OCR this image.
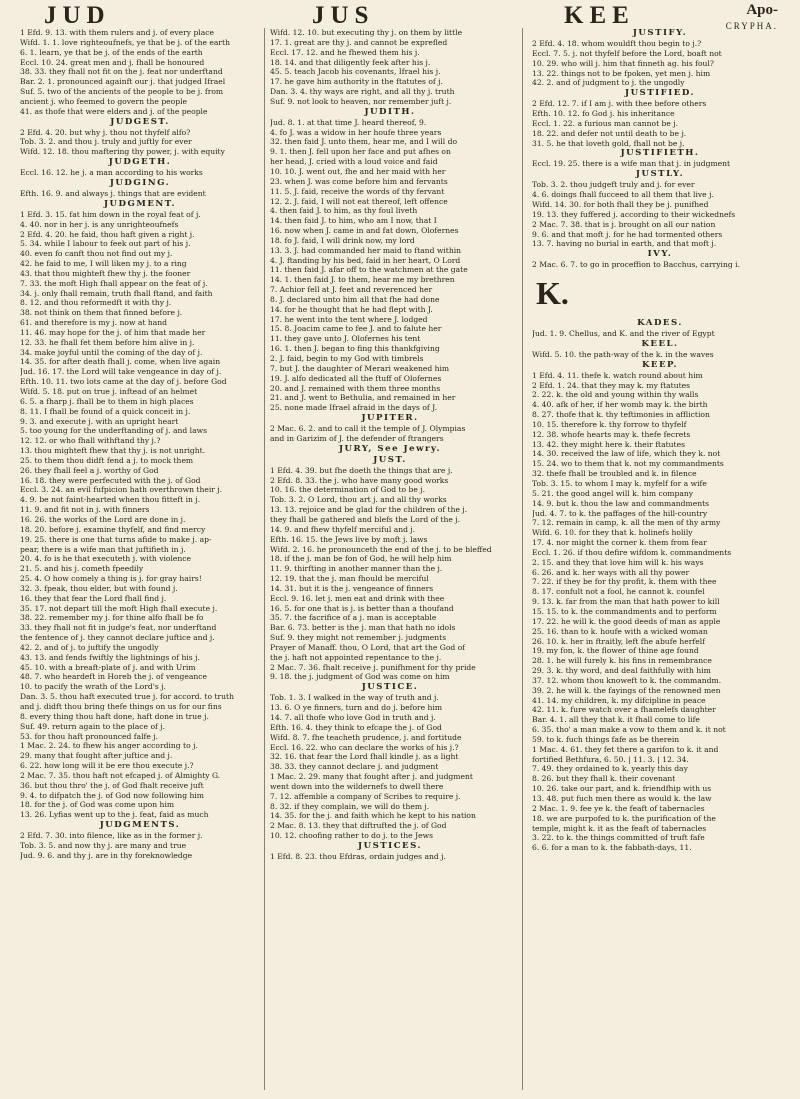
JUD	JUS	KEE	Apo-
CRYPHA.
1 Efd. 9. 13. with them rulers and j. of every place
Wifd. 1. 1. love righteoufnefs, ye that be j. of the earth
6. 1. learn, ye that be j. of the ends of the earth
Eccl. 10. 24. great men and j. fhall be honoured
38. 33. they fhall not fit on the j. feat nor underftand
Bar. 2. 1. pronounced againft our j. that judged Ifrael
Suf. 5. two of the ancients of the people to be j. from
ancient j. who feemed to govern the people
41. as thofe that were elders and j. of the people
JUDGEST.
2 Efd. 4. 20. but why j. thou not thyfelf alfo?
Tob. 3. 2. and thou j. truly and juftly for ever
Wifd. 12. 18. thou maftering thy power, j. with equity
JUDGETH.
Eccl. 16. 12. he j. a man according to his works
JUDGING.
Efth. 16. 9. and always j. things that are evident
JUDGMENT.
1 Efd. 3. 15. fat him down in the royal feat of j.
4. 40. nor in her j. is any unrighteoufnefs
2 Efd. 4. 20. he faid, thou haft given a right j.
5. 34. while I labour to feek out part of his j.
40. even fo canft thou not find out my j.
42. he faid to me, I will liken my j. to a ring
43. that thou mighteft fhew thy j. the fooner
7. 33. the moft High fhall appear on the feat of j.
34. j. only fhall remain, truth fhall ftand, and faith
8. 12. and thou reformedft it with thy j.
38. not think on them that finned before j.
61. and therefore is my j. now at hand
11. 46. may hope for the j. of him that made her
12. 33. he fhall fet them before him alive in j.
34. make joyful until the coming of the day of j.
14. 35. for after death fhall j. come, when live again
Jud. 16. 17. the Lord will take vengeance in day of j.
Efth. 10. 11. two lots came at the day of j. before God
Wifd. 5. 18. put on true j. inftead of an helmet
6. 5. a fharp j. fhall be to them in high places
8. 11. I fhall be found of a quick conceit in j.
9. 3. and execute j. with an upright heart
5. too young for the underftanding of j. and laws
12. 12. or who fhall withftand thy j.?
13. thou mighteft fhew that thy j. is not unright.
25. to them thou didft fend a j. to mock them
26. they fhall feel a j. worthy of God
16. 18. they were perfecuted with the j. of God
Eccl. 3. 24. an evil fufpicion hath overthrown their j.
4. 9. be not faint-hearted when thou fitteft in j.
11. 9. and fit not in j. with finners
16. 26. the works of the Lord are done in j.
18. 20. before j. examine thyfelf, and find mercy
19. 25. there is one that turns afide to make j. ap-
pear, there is a wife man that juftifieth in j.
20. 4. fo is he that executeth j. with violence
21. 5. and his j. cometh fpeedily
25. 4. O how comely a thing is j. for gray hairs!
32. 3. fpeak, thou elder, but with found j.
16. they that fear the Lord fhall find j.
35. 17. not depart till the moft High fhall execute j.
38. 22. remember my j. for thine alfo fhall be fo
33. they fhall not fit in judge's feat, nor underftand
the fentence of j. they cannot declare juftice and j.
42. 2. and of j. to juftify the ungodly
43. 13. and fends fwiftly the lightnings of his j.
45. 10. with a breaft-plate of j. and with Urim
48. 7. who heardeft in Horeb the j. of vengeance
10. to pacify the wrath of the Lord's j.
Dan. 3. 5. thou haft executed true j. for accord. to truth
and j. didft thou bring thefe things on us for our fins
8. every thing thou haft done, haft done in true j.
Suf. 49. return again to the place of j.
53. for thou haft pronounced falfe j.
1 Mac. 2. 24. to fhew his anger according to j.
29. many that fought after juftice and j.
6. 22. how long will it be ere thou execute j.?
2 Mac. 7. 35. thou haft not efcaped j. of Almighty G.
36. but thou thro' the j. of God fhalt receive juft
9. 4. to difpatch the j. of God now following him
18. for the j. of God was come upon him
13. 26. Lyfias went up to the j. feat, faid as much
JUDGMENTS.
2 Efd. 7. 30. into filence, like as in the former j.
Tob. 3. 5. and now thy j. are many and true
Jud. 9. 6. and thy j. are in thy foreknowledge
Wifd. 12. 10. but executing thy j. on them by little
17. 1. great are thy j. and cannot be exprefled
Eccl. 17. 12. and he fhewed them his j.
18. 14. and that diligently feek after his j.
45. 5. teach Jacob his covenants, Ifrael his j.
17. he gave him authority in the ftatutes of j.
Dan. 3. 4. thy ways are right, and all thy j. truth
Suf. 9. not look to heaven, nor remember juft j.
JUDITH.
Jud. 8. 1. at that time J. heard thereof, 9.
4. fo J. was a widow in her houfe three years
32. then faid J. unto them, hear me, and I will do
9. 1. then J. fell upon her face and put afhes on
her head, J. cried with a loud voice and faid
10. 10. J. went out, fhe and her maid with her
23. when J. was come before him and fervants
11. 5. J. faid, receive the words of thy fervant
12. 2. J. faid, I will not eat thereof, left offence
4. then faid J. to him, as thy foul liveth
14. then faid J. to him, who am I now, that I
16. now when J. came in and fat down, Olofernes
18. fo J. faid, I will drink now, my lord
13. 3. J. had commanded her maid to ftand within
4. J. ftanding by his bed, faid in her heart, O Lord
11. then faid J. afar off to the watchmen at the gate
14. 1. then faid J. to them, hear me my brethren
7. Achior fell at J. feet and reverenced her
8. J. declared unto him all that fhe had done
14. for he thought that he had flept with J.
17. he went into the tent where J. lodged
15. 8. Joacim came to fee J. and to falute her
11. they gave unto J. Olofernes his tent
16. 1. then J. began to fing this thankfgiving
2. J. faid, begin to my God with timbrels
7. but J. the daughter of Merari weakened him
19. J. alfo dedicated all the ftuff of Olofernes
20. and J. remained with them three months
21. and J. went to Bethulia, and remained in her
25. none made Ifrael afraid in the days of J.
JUPITER.
2 Mac. 6. 2. and to call it the temple of J. Olympias
and in Garizim of J. the defender of ftrangers
JURY, See Jewry.
JUST.
1 Efd. 4. 39. but fhe doeth the things that are j.
2 Efd. 8. 33. the j. who have many good works
10. 16. the determination of God to be j.
Tob. 3. 2. O Lord, thou art j. and all thy works
13. 13. rejoice and be glad for the children of the j.
they fhall be gathered and blefs the Lord of the j.
14. 9. and fhew thyfelf merciful and j.
Efth. 16. 15. the Jews live by moft j. laws
Wifd. 2. 16. he pronounceth the end of the j. to be bleffed
18. if the j. man be fon of God, he will help him
11. 9. thirfting in another manner than the j.
12. 19. that the j. man fhould be merciful
14. 31. but it is the j. vengeance of finners
Eccl. 9. 16. let j. men eat and drink with thee
16. 5. for one that is j. is better than a thoufand
35. 7. the facrifice of a j. man is acceptable
Bar. 6. 73. better is the j. man that hath no idols
Suf. 9. they might not remember j. judgments
Prayer of Manaff. thou, O Lord, that art the God of
the j. haft not appointed repentance to the j.
2 Mac. 7. 36. fhalt receive j. punifhment for thy pride
9. 18. the j. judgment of God was come on him
JUSTICE.
Tob. 1. 3. I walked in the way of truth and j.
13. 6. O ye finners, turn and do j. before him
14. 7. all thofe who love God in truth and j.
Efth. 16. 4. they think to efcape the j. of God
Wifd. 8. 7. fhe teacheth prudence, j. and fortitude
Eccl. 16. 22. who can declare the works of his j.?
32. 16. that fear the Lord fhall kindle j. as a light
38. 33. they cannot declare j. and judgment
1 Mac. 2. 29. many that fought after j. and judgment
went down into the wildernefs to dwell there
7. 12. affemble a company of Scribes to require j.
8. 32. if they complain, we will do them j.
14. 35. for the j. and faith which he kept to his nation
2 Mac. 8. 13. they that diftrufted the j. of God
10. 12. choofing rather to do j. to the Jews
JUSTICES.
1 Efd. 8. 23. thou Efdras, ordain judges and j.
JUSTIFY.
2 Efd. 4. 18. whom wouldft thou begin to j.?
Eccl. 7. 5. j. not thyfelf before the Lord, boaft not
10. 29. who will j. him that finneth ag. his foul?
13. 22. things not to be fpoken, yet men j. him
42. 2. and of judgment to j. the ungodly
JUSTIFIED.
2 Efd. 12. 7. if I am j. with thee before others
Efth. 10. 12. fo God j. his inheritance
Eccl. 1. 22. a furious man cannot be j.
18. 22. and defer not until death to be j.
31. 5. he that loveth gold, fhall not be j.
JUSTIFIETH.
Eccl. 19. 25. there is a wife man that j. in judgment
JUSTLY.
Tob. 3. 2. thou judgeft truly and j. for ever
4. 6. doings fhall fucceed to all them that live j.
Wifd. 14. 30. for both fhall they be j. punifhed
19. 13. they fuffered j. according to their wickednefs
2 Mac. 7. 38. that is j. brought on all our nation
9. 6. and that moft j. for he had tormented others
13. 7. having no burial in earth, and that moft j.
IVY.
2 Mac. 6. 7. to go in proceffion to Bacchus, carrying i.
K.
KADES.
Jud. 1. 9. Chellus, and K. and the river of Egypt
KEEL.
Wifd. 5. 10. the path-way of the k. in the waves
KEEP.
1 Efd. 4. 11. thefe k. watch round about him
2 Efd. 1. 24. that they may k. my ftatutes
2. 22. k. the old and young within thy walls
4. 40. afk of her, if her womb may k. the birth
8. 27. thofe that k. thy teftimonies in affliction
10. 15. therefore k. thy forrow to thyfelf
12. 38. whofe hearts may k. thefe fecrets
13. 42. they might here k. their ftatutes
14. 30. received the law of life, which they k. not
15. 24. wo to them that k. not my commandments
32. thefe fhall be troubled and k. in filence
Tob. 3. 15. to whom I may k. myfelf for a wife
5. 21. the good angel will k. him company
14. 9. but k. thou the law and commandments
Jud. 4. 7. to k. the paffages of the hill-country
7. 12. remain in camp, k. all the men of thy army
Wifd. 6. 10. for they that k. holinefs holily
17. 4. nor might the corner k. them from fear
Eccl. 1. 26. if thou defire wifdom k. commandments
2. 15. and they that love him will k. his ways
6. 26. and k. her ways with all thy power
7. 22. if they be for thy profit, k. them with thee
8. 17. confult not a fool, he cannot k. counfel
9. 13. k. far from the man that hath power to kill
15. 15. to k. the commandments and to perform
17. 22. he will k. the good deeds of man as apple
25. 16. than to k. houfe with a wicked woman
26. 10. k. her in ftraitly, left fhe abufe herfelf
19. my fon, k. the flower of thine age found
28. 1. he will furely k. his fins in remembrance
29. 3. k. thy word, and deal faithfully with him
37. 12. whom thou knoweft to k. the commandm.
39. 2. he will k. the fayings of the renowned men
41. 14. my children, k. my difcipline in peace
42. 11. k. fure watch over a fhamelefs daughter
Bar. 4. 1. all they that k. it fhall come to life
6. 35. tho' a man make a vow to them and k. it not
59. to k. fuch things fafe as be therein
1 Mac. 4. 61. they fet there a garifon to k. it and
fortified Bethfura, 6. 50. | 11. 3. | 12. 34.
7. 49. they ordained to k. yearly this day
8. 26. but they fhall k. their covenant
10. 26. take our part, and k. friendfhip with us
13. 48. put fuch men there as would k. the law
2 Mac. 1. 9. fee ye k. the feaft of tabernacles
18. we are purpofed to k. the purification of the
temple, might k. it as the feaft of tabernacles
3. 22. to k. the things committed of truft fafe
6. 6. for a man to k. the fabbath-days, 11.
